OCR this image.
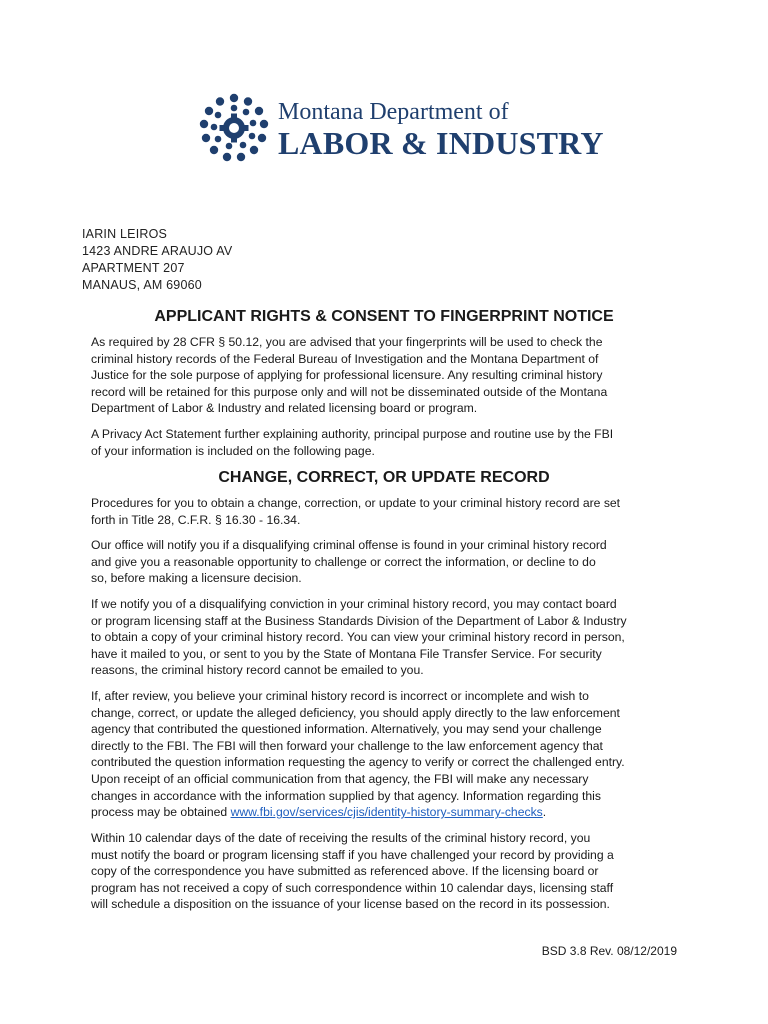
Montana Department of
LABOR & INDUSTRY
IARIN LEIROS
1423 ANDRE ARAUJO AV
APARTMENT 207
MANAUS, AM 69060
APPLICANT RIGHTS & CONSENT TO FINGERPRINT NOTICE
As required by 28 CFR § 50.12, you are advised that your fingerprints will be used to check the
criminal history records of the Federal Bureau of Investigation and the Montana Department of
Justice for the sole purpose of applying for professional licensure. Any resulting criminal history
record will be retained for this purpose only and will not be disseminated outside of the Montana
Department of Labor & Industry and related licensing board or program.
A Privacy Act Statement further explaining authority, principal purpose and routine use by the FBI
of your information is included on the following page.
CHANGE, CORRECT, OR UPDATE RECORD
Procedures for you to obtain a change, correction, or update to your criminal history record are set
forth in Title 28, C.F.R. § 16.30 - 16.34.
Our office will notify you if a disqualifying criminal offense is found in your criminal history record
and give you a reasonable opportunity to challenge or correct the information, or decline to do
so, before making a licensure decision.
If we notify you of a disqualifying conviction in your criminal history record, you may contact board
or program licensing staff at the Business Standards Division of the Department of Labor & Industry
to obtain a copy of your criminal history record. You can view your criminal history record in person,
have it mailed to you, or sent to you by the State of Montana File Transfer Service. For security
reasons, the criminal history record cannot be emailed to you.
If, after review, you believe your criminal history record is incorrect or incomplete and wish to
change, correct, or update the alleged deficiency, you should apply directly to the law enforcement
agency that contributed the questioned information. Alternatively, you may send your challenge
directly to the FBI. The FBI will then forward your challenge to the law enforcement agency that
contributed the question information requesting the agency to verify or correct the challenged entry.
Upon receipt of an official communication from that agency, the FBI will make any necessary
changes in accordance with the information supplied by that agency. Information regarding this
process may be obtained www.fbi.gov/services/cjis/identity-history-summary-checks.
Within 10 calendar days of the date of receiving the results of the criminal history record, you
must notify the board or program licensing staff if you have challenged your record by providing a
copy of the correspondence you have submitted as referenced above. If the licensing board or
program has not received a copy of such correspondence within 10 calendar days, licensing staff
will schedule a disposition on the issuance of your license based on the record in its possession.
BSD 3.8 Rev. 08/12/2019
